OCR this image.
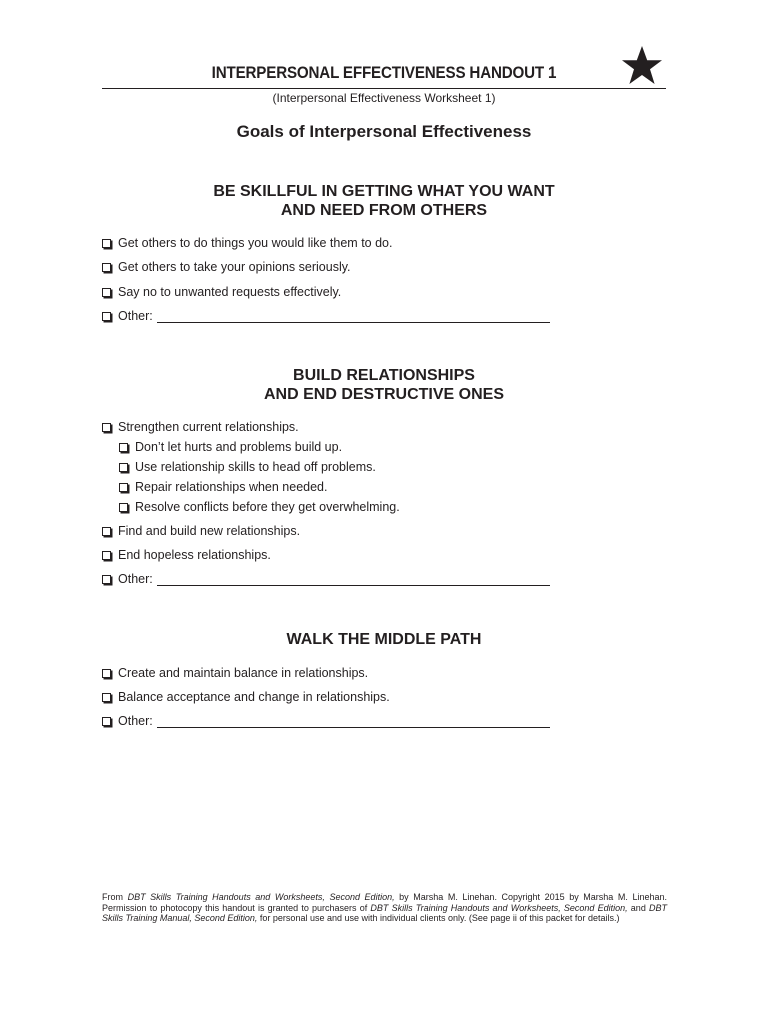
INTERPERSONAL EFFECTIVENESS HANDOUT 1
(Interpersonal Effectiveness Worksheet 1)
Goals of Interpersonal Effectiveness
BE SKILLFUL IN GETTING WHAT YOU WANT
AND NEED FROM OTHERS
Get others to do things you would like them to do.
Get others to take your opinions seriously.
Say no to unwanted requests effectively.
Other:
BUILD RELATIONSHIPS
AND END DESTRUCTIVE ONES
Strengthen current relationships.
Don’t let hurts and problems build up.
Use relationship skills to head off problems.
Repair relationships when needed.
Resolve conflicts before they get overwhelming.
Find and build new relationships.
End hopeless relationships.
Other:
WALK THE MIDDLE PATH
Create and maintain balance in relationships.
Balance acceptance and change in relationships.
Other:
From DBT Skills Training Handouts and Worksheets, Second Edition, by Marsha M. Linehan. Copyright 2015 by Marsha M. Linehan. Permission to photocopy this handout is granted to purchasers of DBT Skills Training Handouts and Worksheets, Second Edition, and DBT Skills Training Manual, Second Edition, for personal use and use with individual clients only. (See page ii of this packet for details.)
